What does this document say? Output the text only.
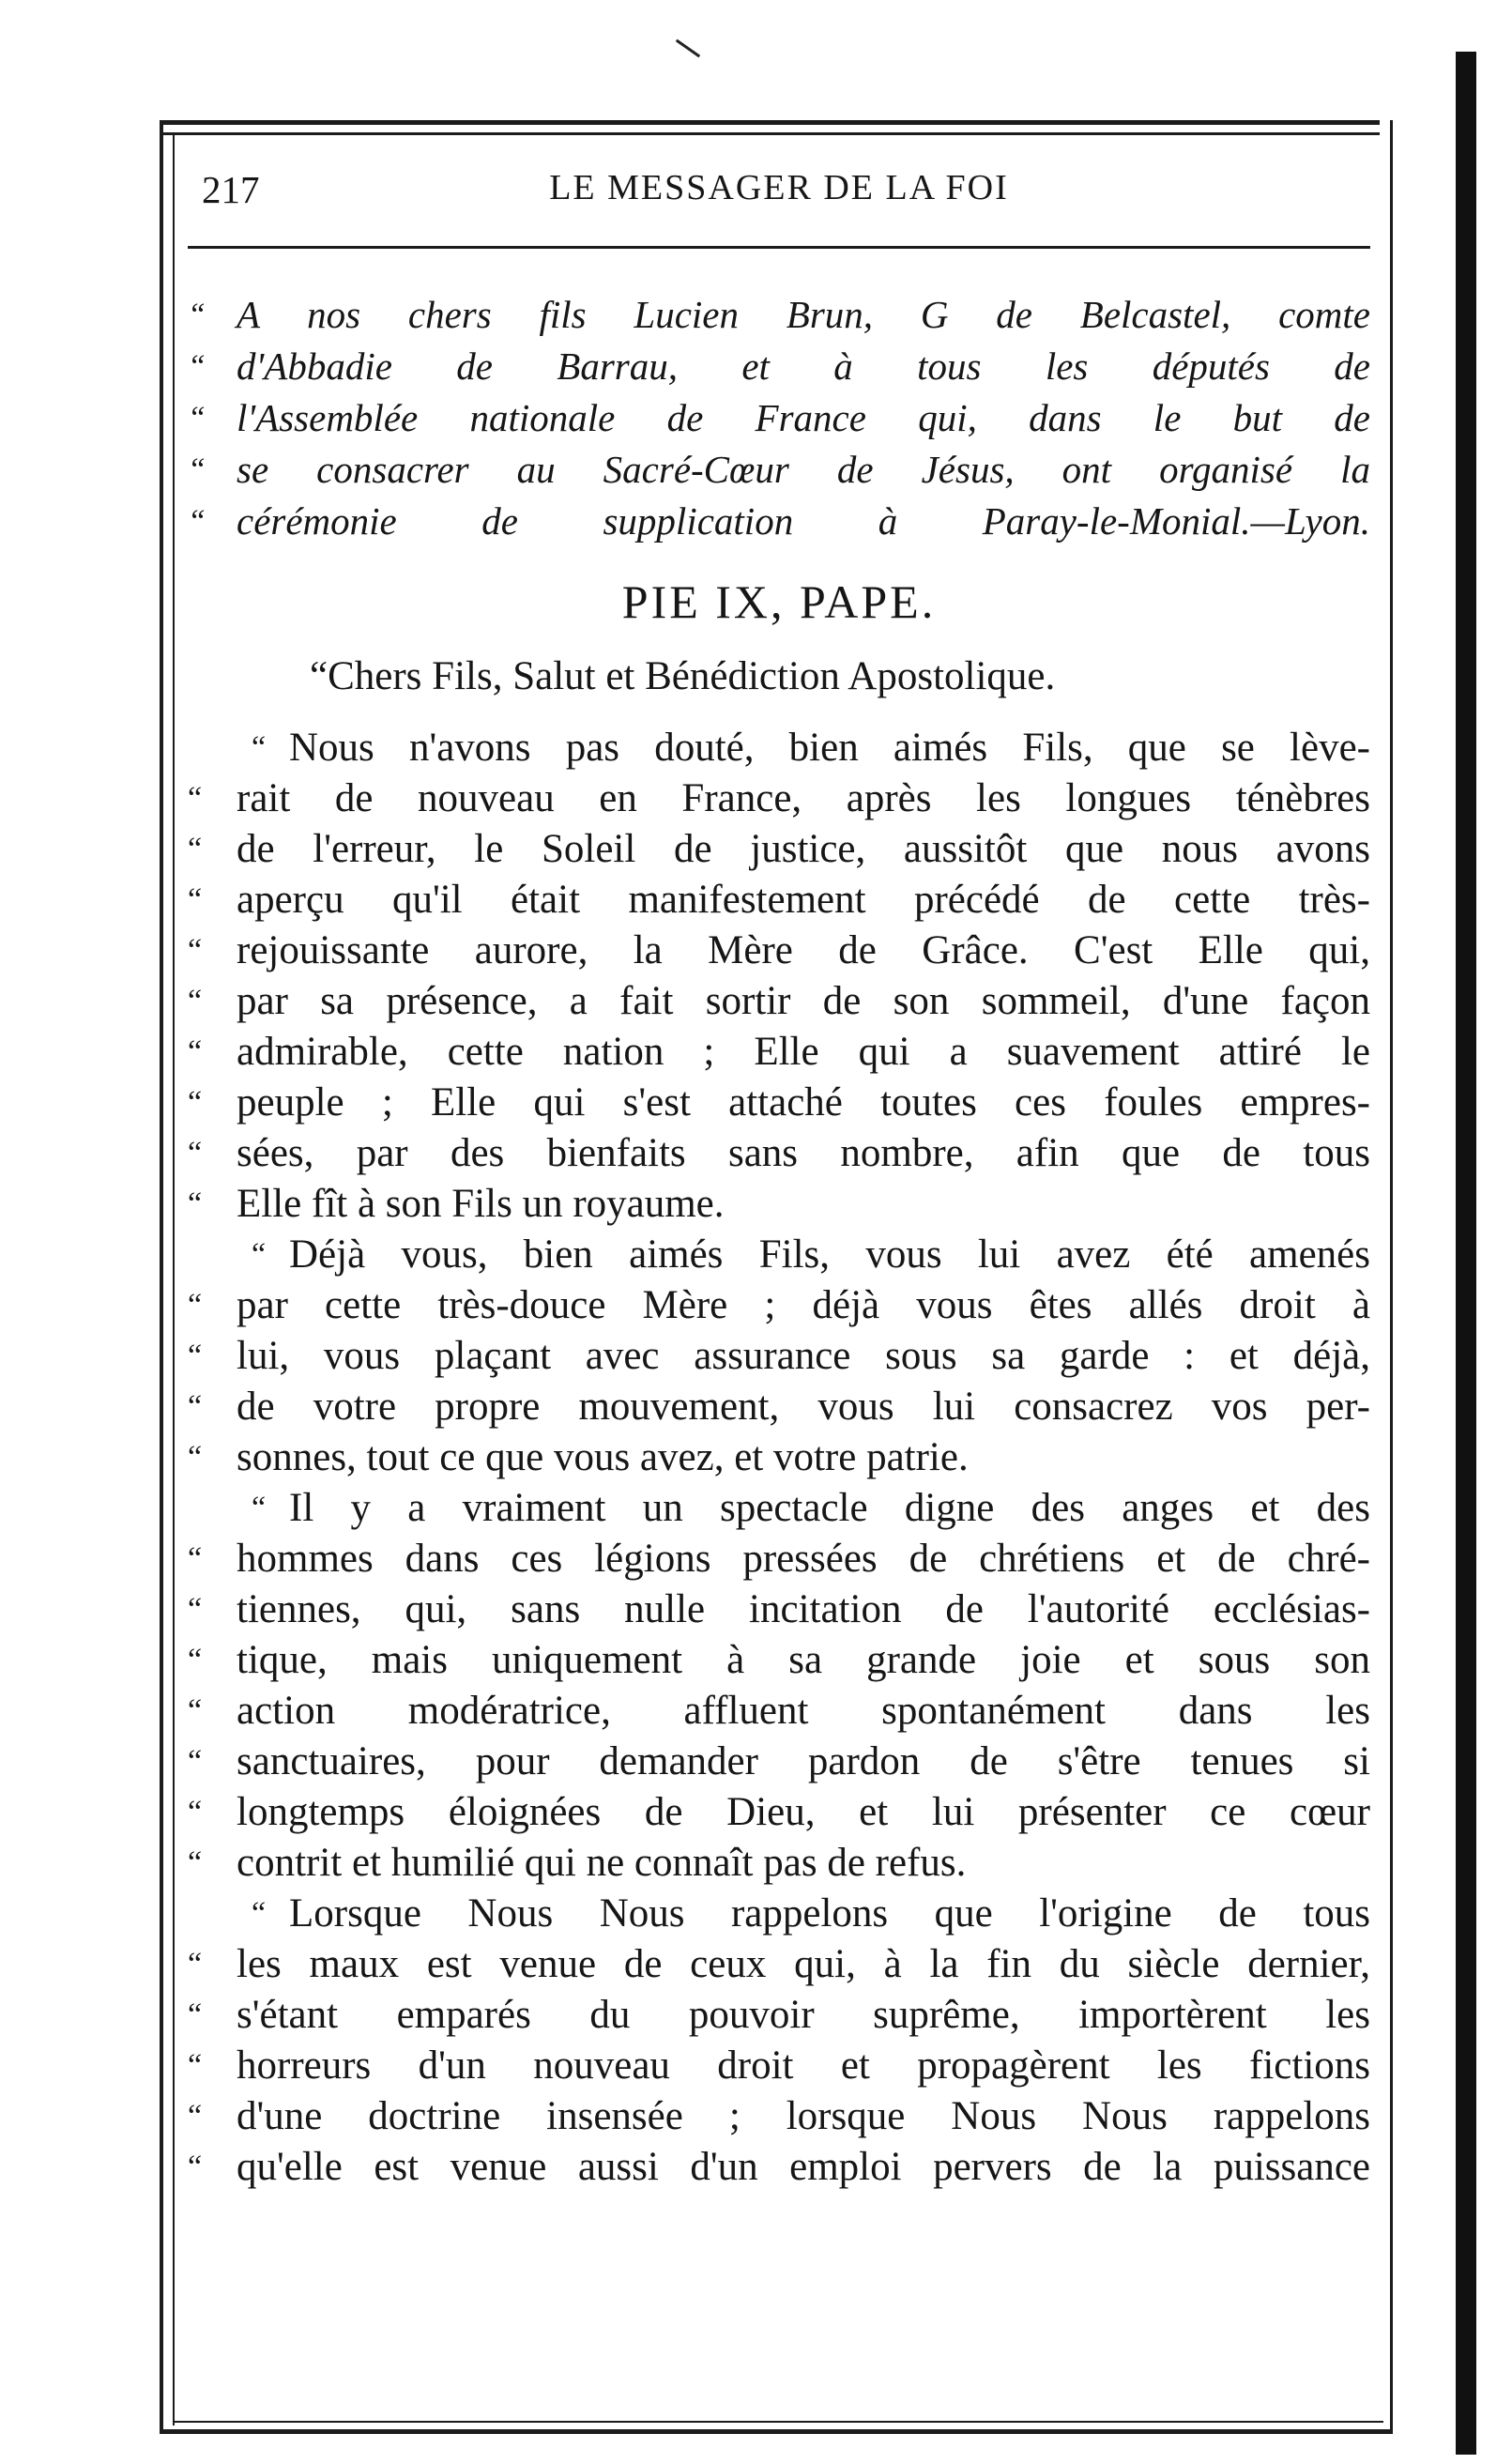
217	LE MESSAGER DE LA FOI
“ A nos chers fils Lucien Brun, G de Belcastel, comte
“ d'Abbadie de Barrau, et à tous les députés de
“ l'Assemblée nationale de France qui, dans le but de
“ se consacrer au Sacré-Cœur de Jésus, ont organisé la
“ cérémonie de supplication à Paray-le-Monial.—Lyon.
PIE IX, PAPE.
“Chers Fils, Salut et Bénédiction Apostolique.
“ Nous n'avons pas douté, bien aimés Fils, que se lève-
“ rait de nouveau en France, après les longues ténèbres
“ de l'erreur, le Soleil de justice, aussitôt que nous avons
“ aperçu qu'il était manifestement précédé de cette très-
“ rejouissante aurore, la Mère de Grâce. C'est Elle qui,
“ par sa présence, a fait sortir de son sommeil, d'une façon
“ admirable, cette nation ; Elle qui a suavement attiré le
“ peuple ; Elle qui s'est attaché toutes ces foules empres-
“ sées, par des bienfaits sans nombre, afin que de tous
“ Elle fît à son Fils un royaume.
“ Déjà vous, bien aimés Fils, vous lui avez été amenés
“ par cette très-douce Mère ; déjà vous êtes allés droit à
“ lui, vous plaçant avec assurance sous sa garde : et déjà,
“ de votre propre mouvement, vous lui consacrez vos per-
“ sonnes, tout ce que vous avez, et votre patrie.
“ Il y a vraiment un spectacle digne des anges et des
“ hommes dans ces légions pressées de chrétiens et de chré-
“ tiennes, qui, sans nulle incitation de l'autorité ecclésias-
“ tique, mais uniquement à sa grande joie et sous son
“ action modératrice, affluent spontanément dans les
“ sanctuaires, pour demander pardon de s'être tenues si
“ longtemps éloignées de Dieu, et lui présenter ce cœur
“ contrit et humilié qui ne connaît pas de refus.
“ Lorsque Nous Nous rappelons que l'origine de tous
“ les maux est venue de ceux qui, à la fin du siècle dernier,
“ s'étant emparés du pouvoir suprême, importèrent les
“ horreurs d'un nouveau droit et propagèrent les fictions
“ d'une doctrine insensée ; lorsque Nous Nous rappelons
“ qu'elle est venue aussi d'un emploi pervers de la puissance
